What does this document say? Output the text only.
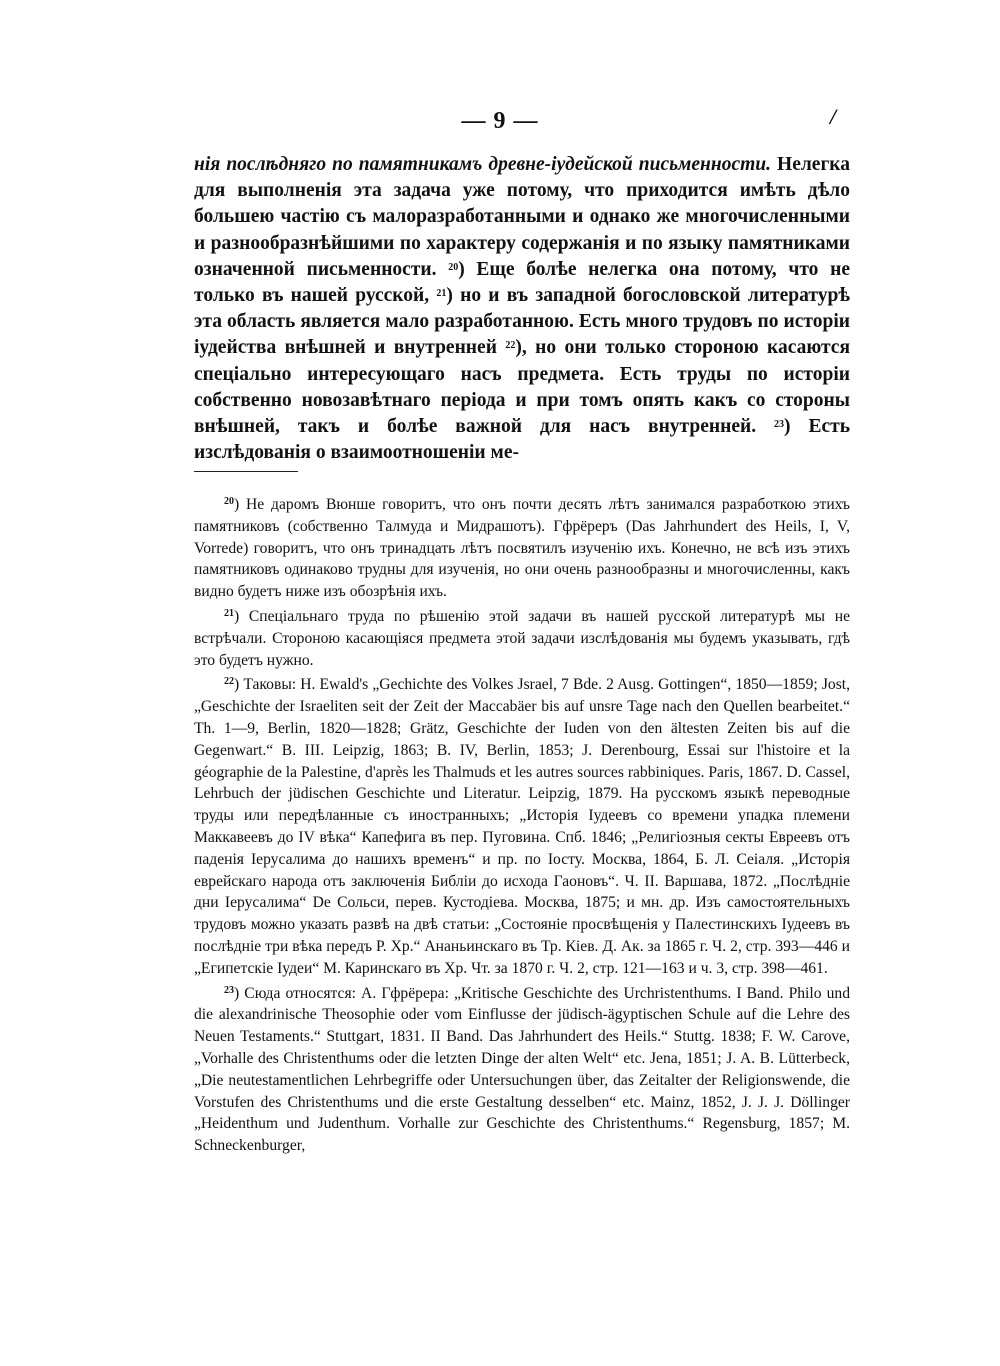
— 9 —	/
нія послѣдняго по памятникамъ древне-іудейской письменности. Нелегка для выполненія эта задача уже потому, что приходится имѣть дѣло большею частію съ малоразработанными и однако же многочисленными и разнообразнѣйшими по характеру содержанія и по языку памятниками означенной письменности. $^{20}$) Еще болѣе нелегка она потому, что не только въ нашей русской, $^{21}$) но и въ западной богословской литературѣ эта область является мало разработанною. Есть много трудовъ по исторіи іудейства внѣшней и внутренней $^{22}$), но они только стороною касаются спеціально интересующаго насъ предмета. Есть труды по исторіи собственно новозавѣтнаго періода и при томъ опять какъ со стороны внѣшней, такъ и болѣе важной для насъ внутренней. $^{23}$) Есть изслѣдованія о взаимоотношеніи ме-

$^{20}$) Не даромъ Вюнше говоритъ, что онъ почти десять лѣтъ занимался разработкою этихъ памятниковъ (собственно Талмуда и Мидрашотъ). Гфрёреръ (Das Jahrhundert des Heils, I, V, Vorrede) говоритъ, что онъ тринадцать лѣтъ посвятилъ изученію ихъ. Конечно, не всѣ изъ этихъ памятниковъ одинаково трудны для изученія, но они очень разнообразны и многочисленны, какъ видно будетъ ниже изъ обозрѣнія ихъ.

$^{21}$) Спеціальнаго труда по рѣшенію этой задачи въ нашей русской литературѣ мы не встрѣчали. Стороною касающіяся предмета этой задачи изслѣдованія мы будемъ указывать, гдѣ это будетъ нужно.

$^{22}$) Таковы: H. Ewald's „Gechichte des Volkes Jsrael, 7 Bde. 2 Ausg. Gottingen“, 1850—1859; Jost, „Geschichte der Israeliten seit der Zeit der Maccabäer bis auf unsre Tage nach den Quellen bearbeitet.“ Th. 1—9, Berlin, 1820—1828; Grätz, Geschichte der Iuden von den ältesten Zeiten bis auf die Gegenwart.“ B. III. Leipzig, 1863; B. IV, Berlin, 1853; J. Derenbourg, Essai sur l'histoire et la géographie de la Palestine, d'après les Thalmuds et les autres sources rabbiniques. Paris, 1867. D. Cassel, Lehrbuch der jüdischen Geschichte und Literatur. Leipzig, 1879. На русскомъ языкѣ переводные труды или передѣланные съ иностранныхъ; „Исторія Іудеевъ со времени упадка племени Маккавеевъ до IV вѣка“ Капефига въ пер. Пуговина. Спб. 1846; „Религіозныя секты Евреевъ отъ паденія Іерусалима до нашихъ временъ“ и пр. по Іосту. Москва, 1864, Б. Л. Сеіаля. „Исторія еврейскаго народа отъ заключенія Библіи до исхода Гаоновъ“. Ч. II. Варшава, 1872. „Послѣдніе дни Іерусалима“ De Сольси, перев. Кустодіева. Москва, 1875; и мн. др. Изъ самостоятельныхъ трудовъ можно указать развѣ на двѣ статьи: „Состояніе просвѣщенія у Палестинскихъ Іудеевъ въ послѣдніе три вѣка передъ Р. Хр.“ Ананьинскаго въ Тр. Кіев. Д. Ак. за 1865 г. Ч. 2, стр. 393—446 и „Египетскіе Іудеи“ М. Каринскаго въ Хр. Чт. за 1870 г. Ч. 2, стр. 121—163 и ч. 3, стр. 398—461.

$^{23}$) Сюда относятся: A. Гфрёрера: „Kritische Geschichte des Urchristenthums. I Band. Philo und die alexandrinische Theosophie oder vom Einflusse der jüdisch-ägyptischen Schule auf die Lehre des Neuen Testaments.“ Stuttgart, 1831. II Band. Das Jahrhundert des Heils.“ Stuttg. 1838; F. W. Carove, „Vorhalle des Christenthums oder die letzten Dinge der alten Welt“ etc. Jena, 1851; J. A. B. Lütterbeck, „Die neutestamentlichen Lehrbegriffe oder Untersuchungen über, das Zeitalter der Religionswende, die Vorstufen des Christenthums und die erste Gestaltung desselben“ etc. Mainz, 1852, J. J. J. Döllinger „Heidenthum und Judenthum. Vorhalle zur Geschichte des Christenthums.“ Regensburg, 1857; M. Schneckenburger,
